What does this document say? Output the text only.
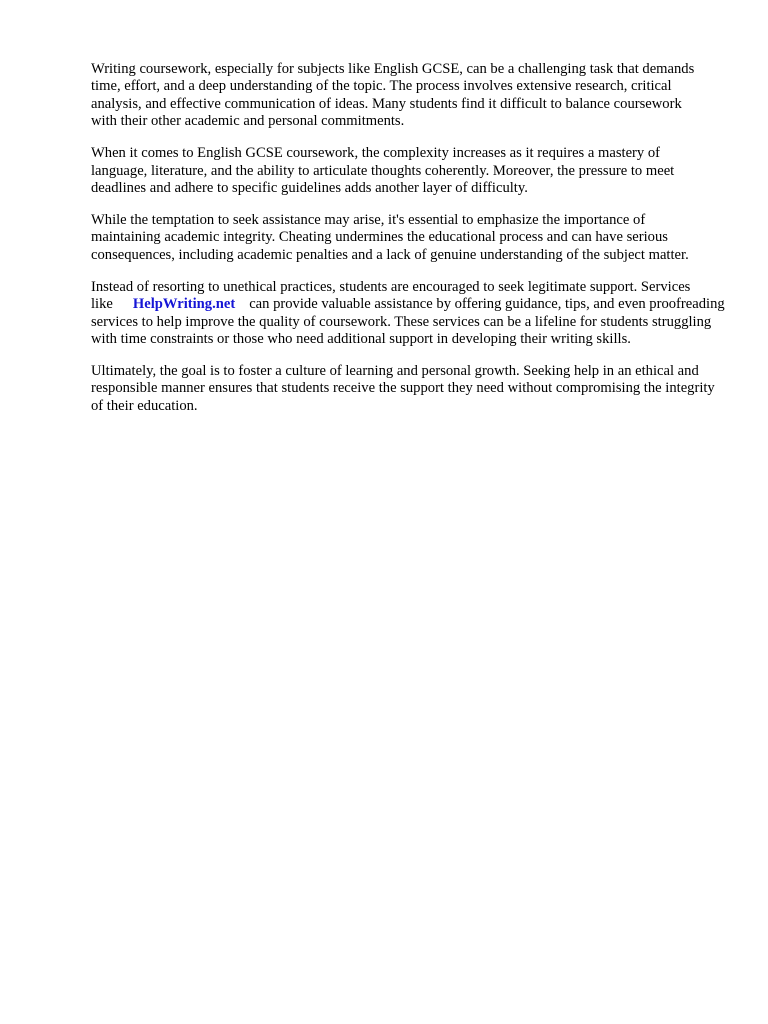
Writing coursework, especially for subjects like English GCSE, can be a challenging task that demands time, effort, and a deep understanding of the topic. The process involves extensive research, critical analysis, and effective communication of ideas. Many students find it difficult to balance coursework with their other academic and personal commitments.

When it comes to English GCSE coursework, the complexity increases as it requires a mastery of language, literature, and the ability to articulate thoughts coherently. Moreover, the pressure to meet deadlines and adhere to specific guidelines adds another layer of difficulty.

While the temptation to seek assistance may arise, it's essential to emphasize the importance of maintaining academic integrity. Cheating undermines the educational process and can have serious consequences, including academic penalties and a lack of genuine understanding of the subject matter.

Instead of resorting to unethical practices, students are encouraged to seek legitimate support. Services like HelpWriting.net can provide valuable assistance by offering guidance, tips, and even proofreading services to help improve the quality of coursework. These services can be a lifeline for students struggling with time constraints or those who need additional support in developing their writing skills.

Ultimately, the goal is to foster a culture of learning and personal growth. Seeking help in an ethical and responsible manner ensures that students receive the support they need without compromising the integrity of their education.
